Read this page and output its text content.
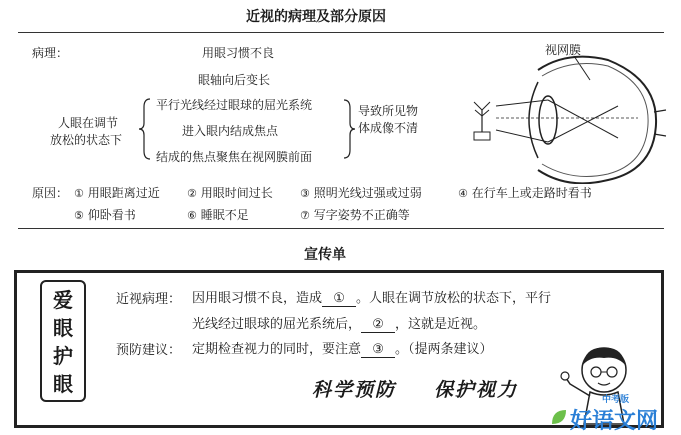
近视的病理及部分原因
病理：
人眼在调节
放松的状态下
用眼习惯不良
眼轴向后变长
平行光线经过眼球的屈光系统
进入眼内结成焦点
结成的焦点聚焦在视网膜前面
导致所见物
体成像不清
视网膜
原因： ① 用眼距离过近 ② 用眼时间过长 ③ 照明光线过强或过弱	④ 在行车上或走路时看书
⑤ 仰卧看书	⑥ 睡眠不足	⑦ 写字姿势不正确等
宣传单
爱
眼
护
眼
近视病理： 因用眼习惯不良，造成 ① 。人眼在调节放松的状态下，平行
光线经过眼球的屈光系统后， ② ，这就是近视。
预防建议： 定期检查视力的同时，要注意 ③ 。（提两条建议）
科学预防 保护视力	中考版
好语文网
